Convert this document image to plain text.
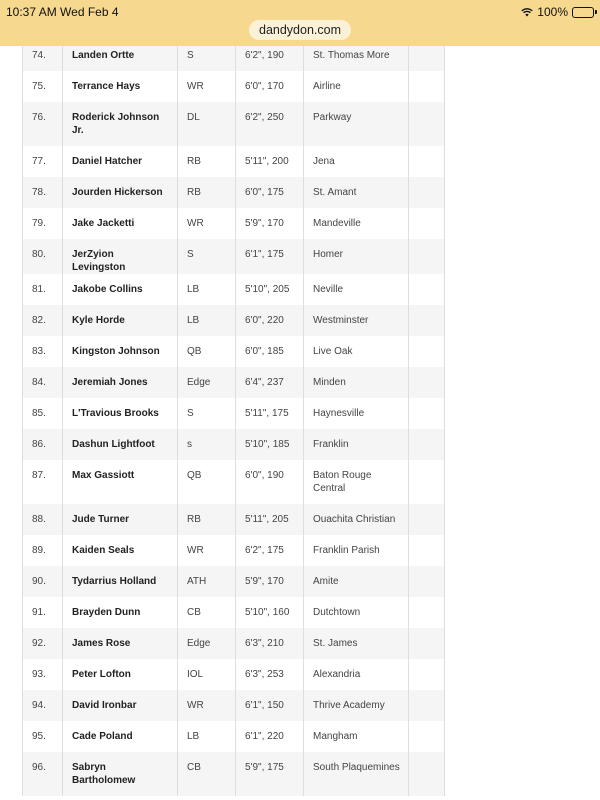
10:37 AM Wed Feb 4	100%
dandydon.com
74.	Landen Ortte	S	6'2", 190	St. Thomas More	
75.	Terrance Hays	WR	6'0", 170	Airline	
76.	Roderick Johnson Jr.	DL	6'2", 250	Parkway	
77.	Daniel Hatcher	RB	5'11", 200	Jena	
78.	Jourden Hickerson	RB	6'0", 175	St. Amant	
79.	Jake Jacketti	WR	5'9", 170	Mandeville	
80.	JerZyion Levingston	S	6'1", 175	Homer	
81.	Jakobe Collins	LB	5'10", 205	Neville	
82.	Kyle Horde	LB	6'0", 220	Westminster	
83.	Kingston Johnson	QB	6'0", 185	Live Oak	
84.	Jeremiah Jones	Edge	6'4", 237	Minden	
85.	L'Travious Brooks	S	5'11", 175	Haynesville	
86.	Dashun Lightfoot	s	5'10", 185	Franklin	
87.	Max Gassiott	QB	6'0", 190	Baton Rouge Central	
88.	Jude Turner	RB	5'11", 205	Ouachita Christian	
89.	Kaiden Seals	WR	6'2", 175	Franklin Parish	
90.	Tydarrius Holland	ATH	5'9", 170	Amite	
91.	Brayden Dunn	CB	5'10", 160	Dutchtown	
92.	James Rose	Edge	6'3", 210	St. James	
93.	Peter Lofton	IOL	6'3", 253	Alexandria	
94.	David Ironbar	WR	6'1", 150	Thrive Academy	
95.	Cade Poland	LB	6'1", 220	Mangham	
96.	Sabryn Bartholomew	CB	5'9", 175	South Plaquemines	
